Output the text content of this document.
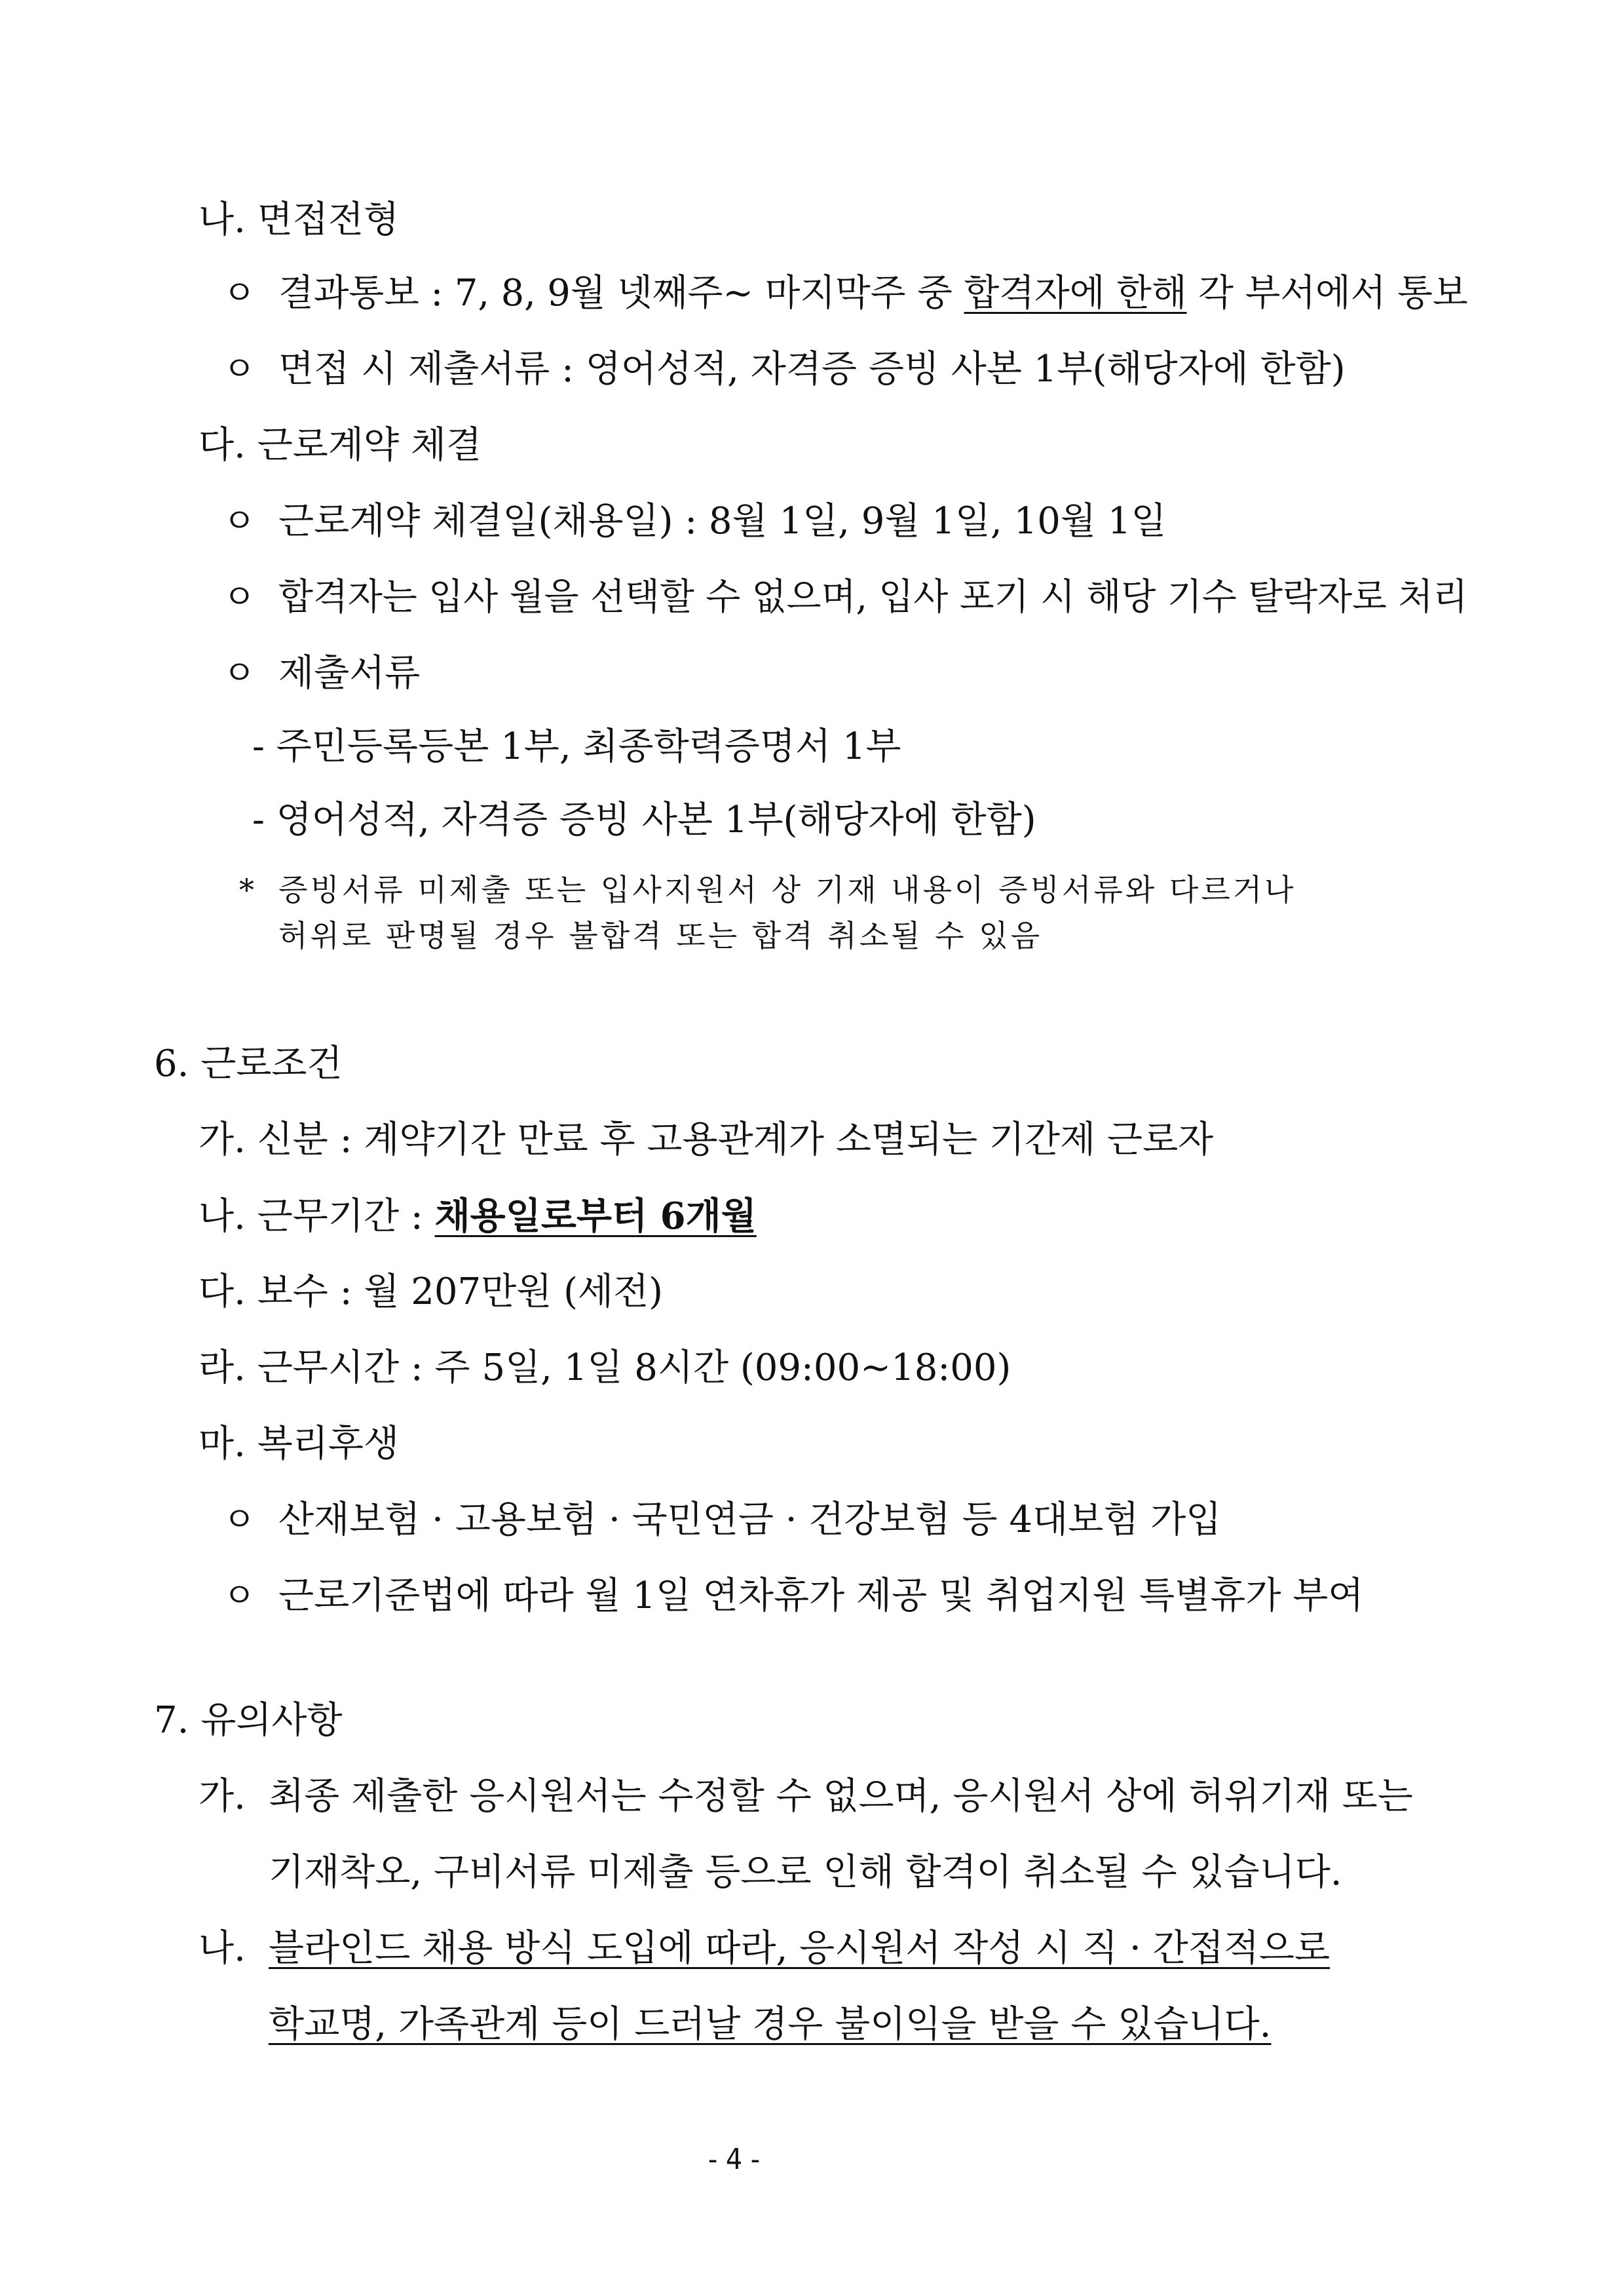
나. 면접전형
ㅇ 결과통보 : 7, 8, 9월 넷째주~ 마지막주 중 합격자에 한해 각 부서에서 통보
ㅇ 면접 시 제출서류 : 영어성적, 자격증 증빙 사본 1부(해당자에 한함)
다. 근로계약 체결
ㅇ 근로계약 체결일(채용일) : 8월 1일, 9월 1일, 10월 1일
ㅇ 합격자는 입사 월을 선택할 수 없으며, 입사 포기 시 해당 기수 탈락자로 처리
ㅇ 제출서류
- 주민등록등본 1부, 최종학력증명서 1부
- 영어성적, 자격증 증빙 사본 1부(해당자에 한함)
* 증빙서류 미제출 또는 입사지원서 상 기재 내용이 증빙서류와 다르거나
허위로 판명될 경우 불합격 또는 합격 취소될 수 있음
6. 근로조건
가. 신분 : 계약기간 만료 후 고용관계가 소멸되는 기간제 근로자
나. 근무기간 : 채용일로부터 6개월
다. 보수 : 월 207만원 (세전)
라. 근무시간 : 주 5일, 1일 8시간 (09:00~18:00)
마. 복리후생
ㅇ 산재보험 · 고용보험 · 국민연금 · 건강보험 등 4대보험 가입
ㅇ 근로기준법에 따라 월 1일 연차휴가 제공 및 취업지원 특별휴가 부여
7. 유의사항
가. 최종 제출한 응시원서는 수정할 수 없으며, 응시원서 상에 허위기재 또는
기재착오, 구비서류 미제출 등으로 인해 합격이 취소될 수 있습니다.
나. 블라인드 채용 방식 도입에 따라, 응시원서 작성 시 직 · 간접적으로
학교명, 가족관계 등이 드러날 경우 불이익을 받을 수 있습니다.
- 4 -
